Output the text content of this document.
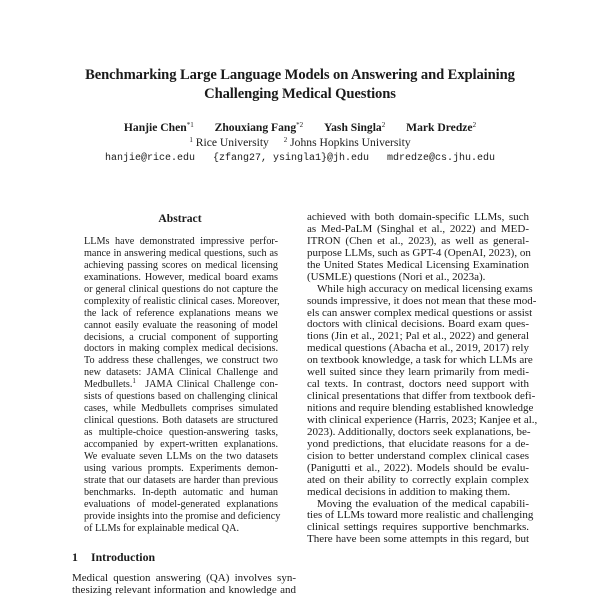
Benchmarking Large Language Models on Answering and Explaining
Challenging Medical Questions
Hanjie Chen$^{*1}$ Zhouxiang Fang$^{*2}$ Yash Singla$^2$ Mark Dredze$^2$
$^1$ Rice University $^2$ Johns Hopkins University
hanjie@rice.edu {zfang27, ysingla1}@jh.edu mdredze@cs.jhu.edu
Abstract
LLMs have demonstrated impressive perfor-
mance in answering medical questions, such as
achieving passing scores on medical licensing
examinations. However, medical board exams
or general clinical questions do not capture the
complexity of realistic clinical cases. Moreover,
the lack of reference explanations means we
cannot easily evaluate the reasoning of model
decisions, a crucial component of supporting
doctors in making complex medical decisions.
To address these challenges, we construct two
new datasets: JAMA Clinical Challenge and
Medbullets.$^1$ JAMA Clinical Challenge con-
sists of questions based on challenging clinical
cases, while Medbullets comprises simulated
clinical questions. Both datasets are structured
as multiple-choice question-answering tasks,
accompanied by expert-written explanations.
We evaluate seven LLMs on the two datasets
using various prompts. Experiments demon-
strate that our datasets are harder than previous
benchmarks. In-depth automatic and human
evaluations of model-generated explanations
provide insights into the promise and deficiency
of LLMs for explainable medical QA.
1 Introduction
Medical question answering (QA) involves syn-
thesizing relevant information and knowledge and
achieved with both domain-specific LLMs, such
as Med-PaLM (Singhal et al., 2022) and MED-
ITRON (Chen et al., 2023), as well as general-
purpose LLMs, such as GPT-4 (OpenAI, 2023), on
the United States Medical Licensing Examination
(USMLE) questions (Nori et al., 2023a).
While high accuracy on medical licensing exams
sounds impressive, it does not mean that these mod-
els can answer complex medical questions or assist
doctors with clinical decisions. Board exam ques-
tions (Jin et al., 2021; Pal et al., 2022) and general
medical questions (Abacha et al., 2019, 2017) rely
on textbook knowledge, a task for which LLMs are
well suited since they learn primarily from medi-
cal texts. In contrast, doctors need support with
clinical presentations that differ from textbook defi-
nitions and require blending established knowledge
with clinical experience (Harris, 2023; Kanjee et al.,
2023). Additionally, doctors seek explanations, be-
yond predictions, that elucidate reasons for a de-
cision to better understand complex clinical cases
(Panigutti et al., 2022). Models should be evalu-
ated on their ability to correctly explain complex
medical decisions in addition to making them.
Moving the evaluation of the medical capabili-
ties of LLMs toward more realistic and challenging
clinical settings requires supportive benchmarks.
There have been some attempts in this regard, but
